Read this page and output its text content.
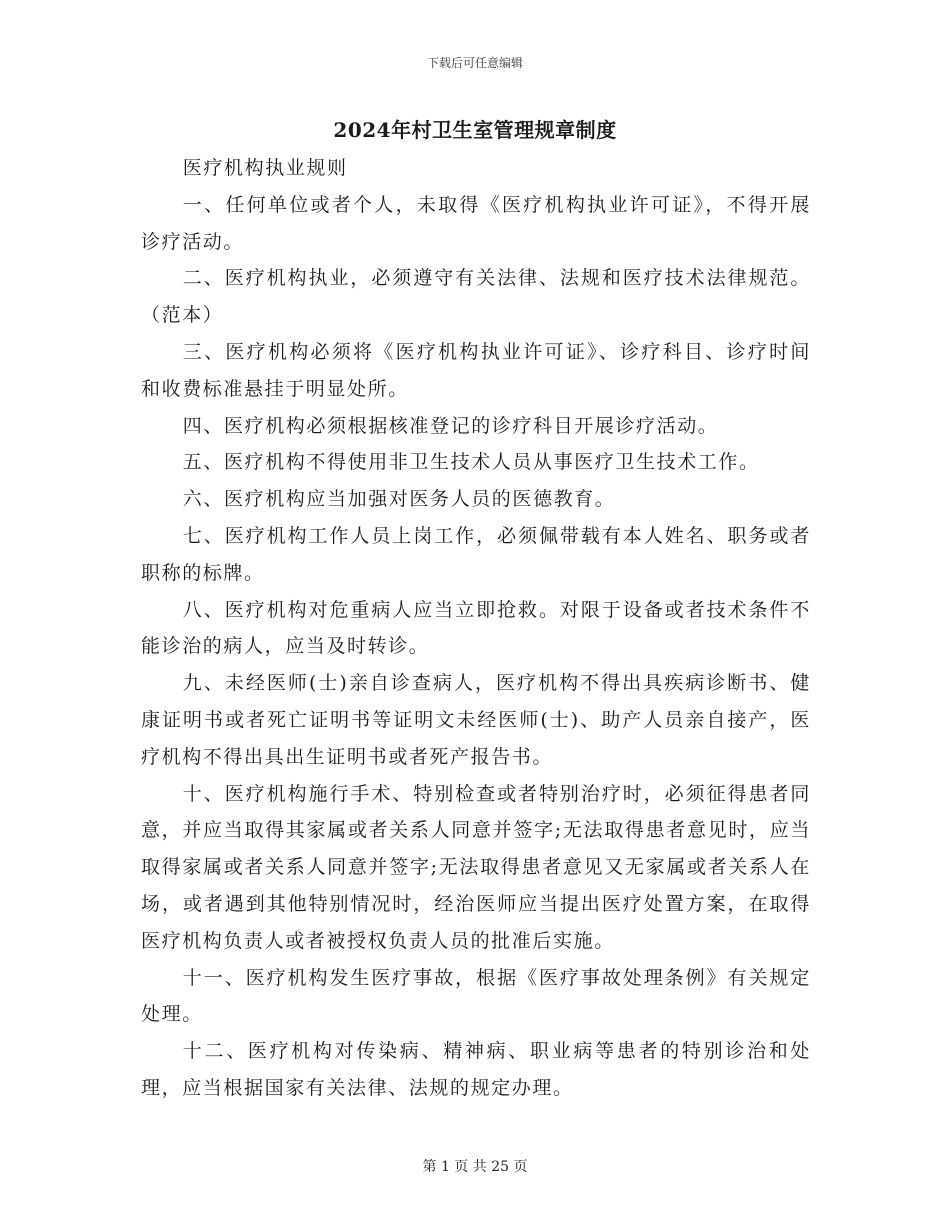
下载后可任意编辑
2024年村卫生室管理规章制度

医疗机构执业规则

一、任何单位或者个人，未取得《医疗机构执业许可证》，不得开展诊疗活动。

二、医疗机构执业，必须遵守有关法律、法规和医疗技术法律规范。（范本）

三、医疗机构必须将《医疗机构执业许可证》、诊疗科目、诊疗时间和收费标准悬挂于明显处所。

四、医疗机构必须根据核准登记的诊疗科目开展诊疗活动。

五、医疗机构不得使用非卫生技术人员从事医疗卫生技术工作。

六、医疗机构应当加强对医务人员的医德教育。

七、医疗机构工作人员上岗工作，必须佩带载有本人姓名、职务或者职称的标牌。

八、医疗机构对危重病人应当立即抢救。对限于设备或者技术条件不能诊治的病人，应当及时转诊。

九、未经医师(士)亲自诊查病人，医疗机构不得出具疾病诊断书、健康证明书或者死亡证明书等证明文未经医师(士)、助产人员亲自接产，医疗机构不得出具出生证明书或者死产报告书。

十、医疗机构施行手术、特别检查或者特别治疗时，必须征得患者同意，并应当取得其家属或者关系人同意并签字;无法取得患者意见时，应当取得家属或者关系人同意并签字;无法取得患者意见又无家属或者关系人在场，或者遇到其他特别情况时，经治医师应当提出医疗处置方案，在取得医疗机构负责人或者被授权负责人员的批准后实施。

十一、医疗机构发生医疗事故，根据《医疗事故处理条例》有关规定处理。

十二、医疗机构对传染病、精神病、职业病等患者的特别诊治和处理，应当根据国家有关法律、法规的规定办理。

第 1 页 共 25 页
